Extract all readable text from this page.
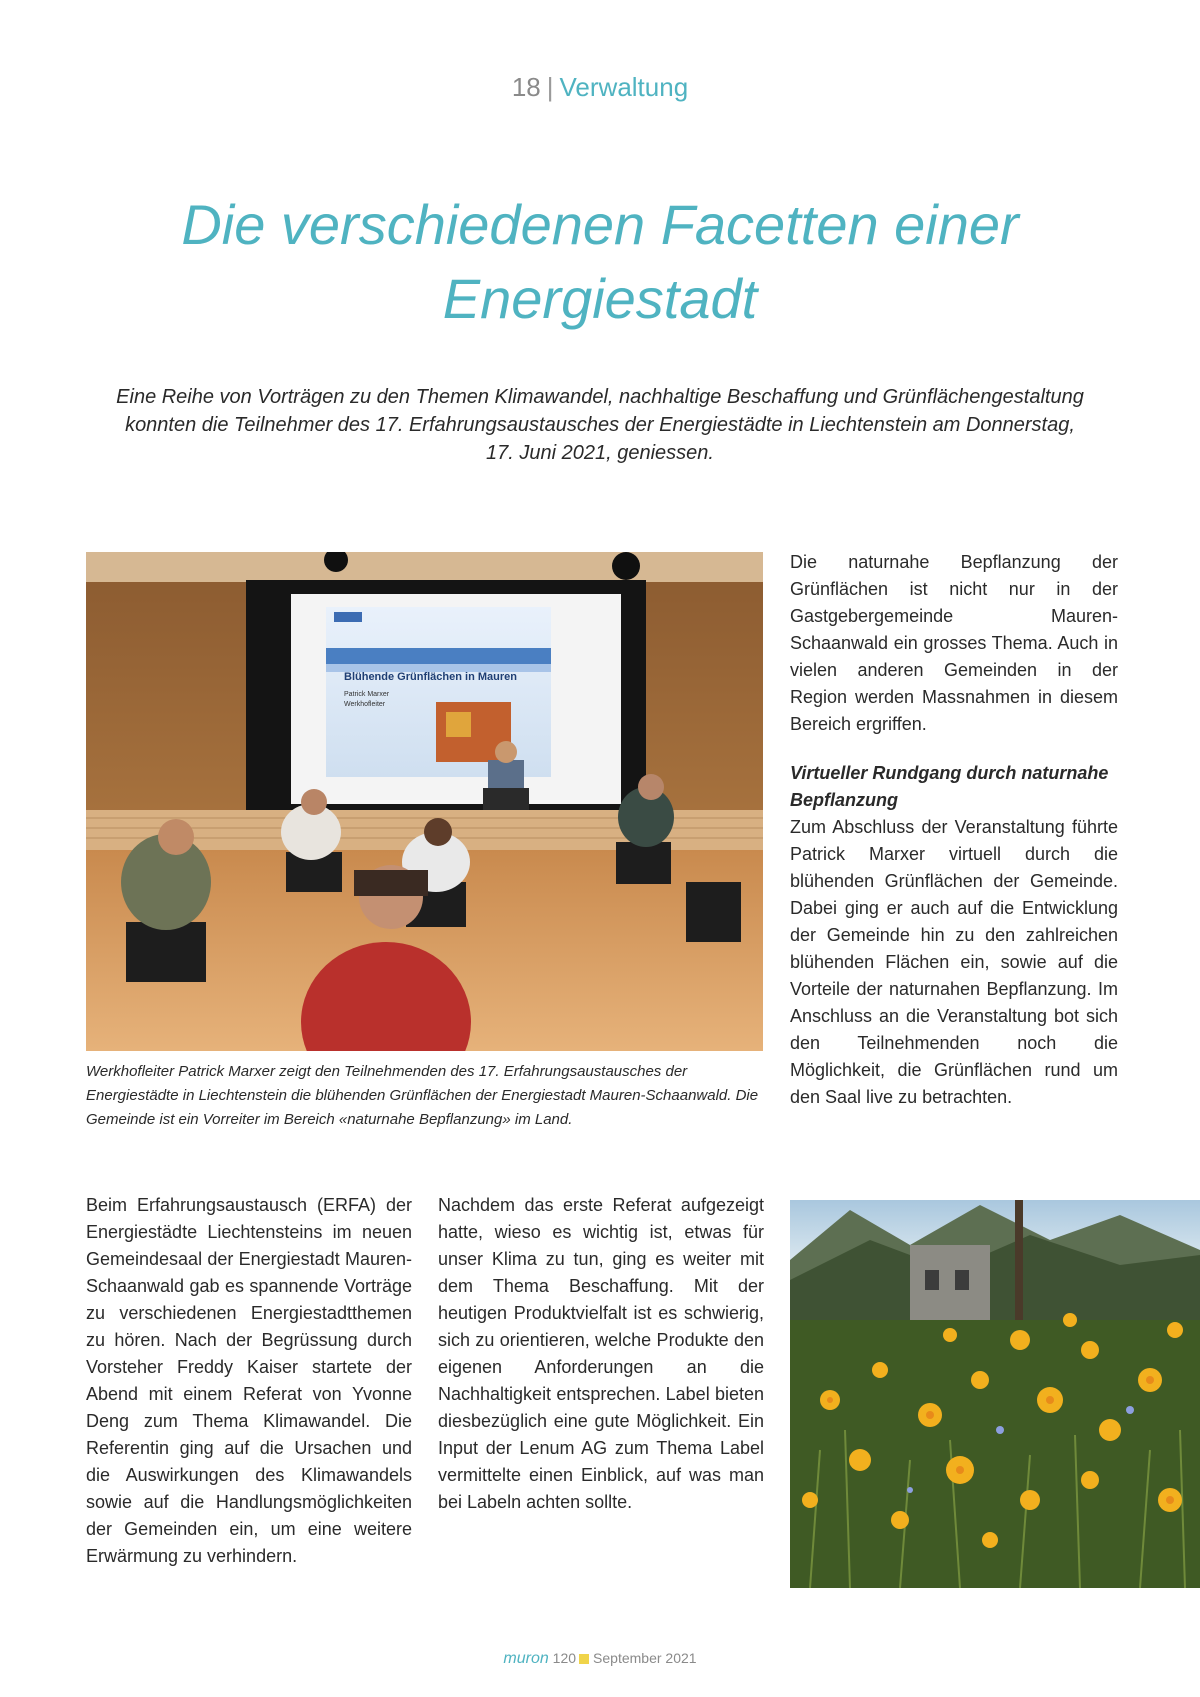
18 | Verwaltung
Die verschiedenen Facetten einer Energiestadt
Eine Reihe von Vorträgen zu den Themen Klimawandel, nachhaltige Beschaffung und Grünflächengestaltung konnten die Teilnehmer des 17. Erfahrungsaustausches der Energiestädte in Liechtenstein am Donnerstag, 17. Juni 2021, geniessen.
Blühende Grünflächen in Mauren
Patrick Marxer
Werkhofleiter
Werkhofleiter Patrick Marxer zeigt den Teilnehmenden des 17. Erfahrungsaustausches der Energiestädte in Liechtenstein die blühenden Grünflächen der Energiestadt Mauren-Schaanwald. Die Gemeinde ist ein Vorreiter im Bereich «naturnahe Bepflanzung» im Land.

Die naturnahe Bepflanzung der Grünflächen ist nicht nur in der Gastgebergemeinde Mauren-Schaanwald ein grosses Thema. Auch in vielen anderen Gemeinden in der Region werden Massnahmen in diesem Bereich ergriffen.

Virtueller Rundgang durch naturnahe Bepflanzung

Zum Abschluss der Veranstaltung führte Patrick Marxer virtuell durch die blühenden Grünflächen der Gemeinde. Dabei ging er auch auf die Entwicklung der Gemeinde hin zu den zahlreichen blühenden Flächen ein, sowie auf die Vorteile der naturnahen Bepflanzung. Im Anschluss an die Veranstaltung bot sich den Teilnehmenden noch die Möglichkeit, die Grünflächen rund um den Saal live zu betrachten.

Beim Erfahrungsaustausch (ERFA) der Energiestädte Liechtensteins im neuen Gemeindesaal der Energiestadt Mauren-Schaanwald gab es spannende Vorträge zu verschiedenen Energiestadtthemen zu hören. Nach der Begrüssung durch Vorsteher Freddy Kaiser startete der Abend mit einem Referat von Yvonne Deng zum Thema Klimawandel. Die Referentin ging auf die Ursachen und die Auswirkungen des Klimawandels sowie auf die Handlungsmöglichkeiten der Gemeinden ein, um eine weitere Erwärmung zu verhindern.

Nachdem das erste Referat aufgezeigt hatte, wieso es wichtig ist, etwas für unser Klima zu tun, ging es weiter mit dem Thema Beschaffung. Mit der heutigen Produktvielfalt ist es schwierig, sich zu orientieren, welche Produkte den eigenen Anforderungen an die Nachhaltigkeit entsprechen. Label bieten diesbezüglich eine gute Möglichkeit. Ein Input der Lenum AG zum Thema Label vermittelte einen Einblick, auf was man bei Labeln achten sollte.

muron 120 September 2021
